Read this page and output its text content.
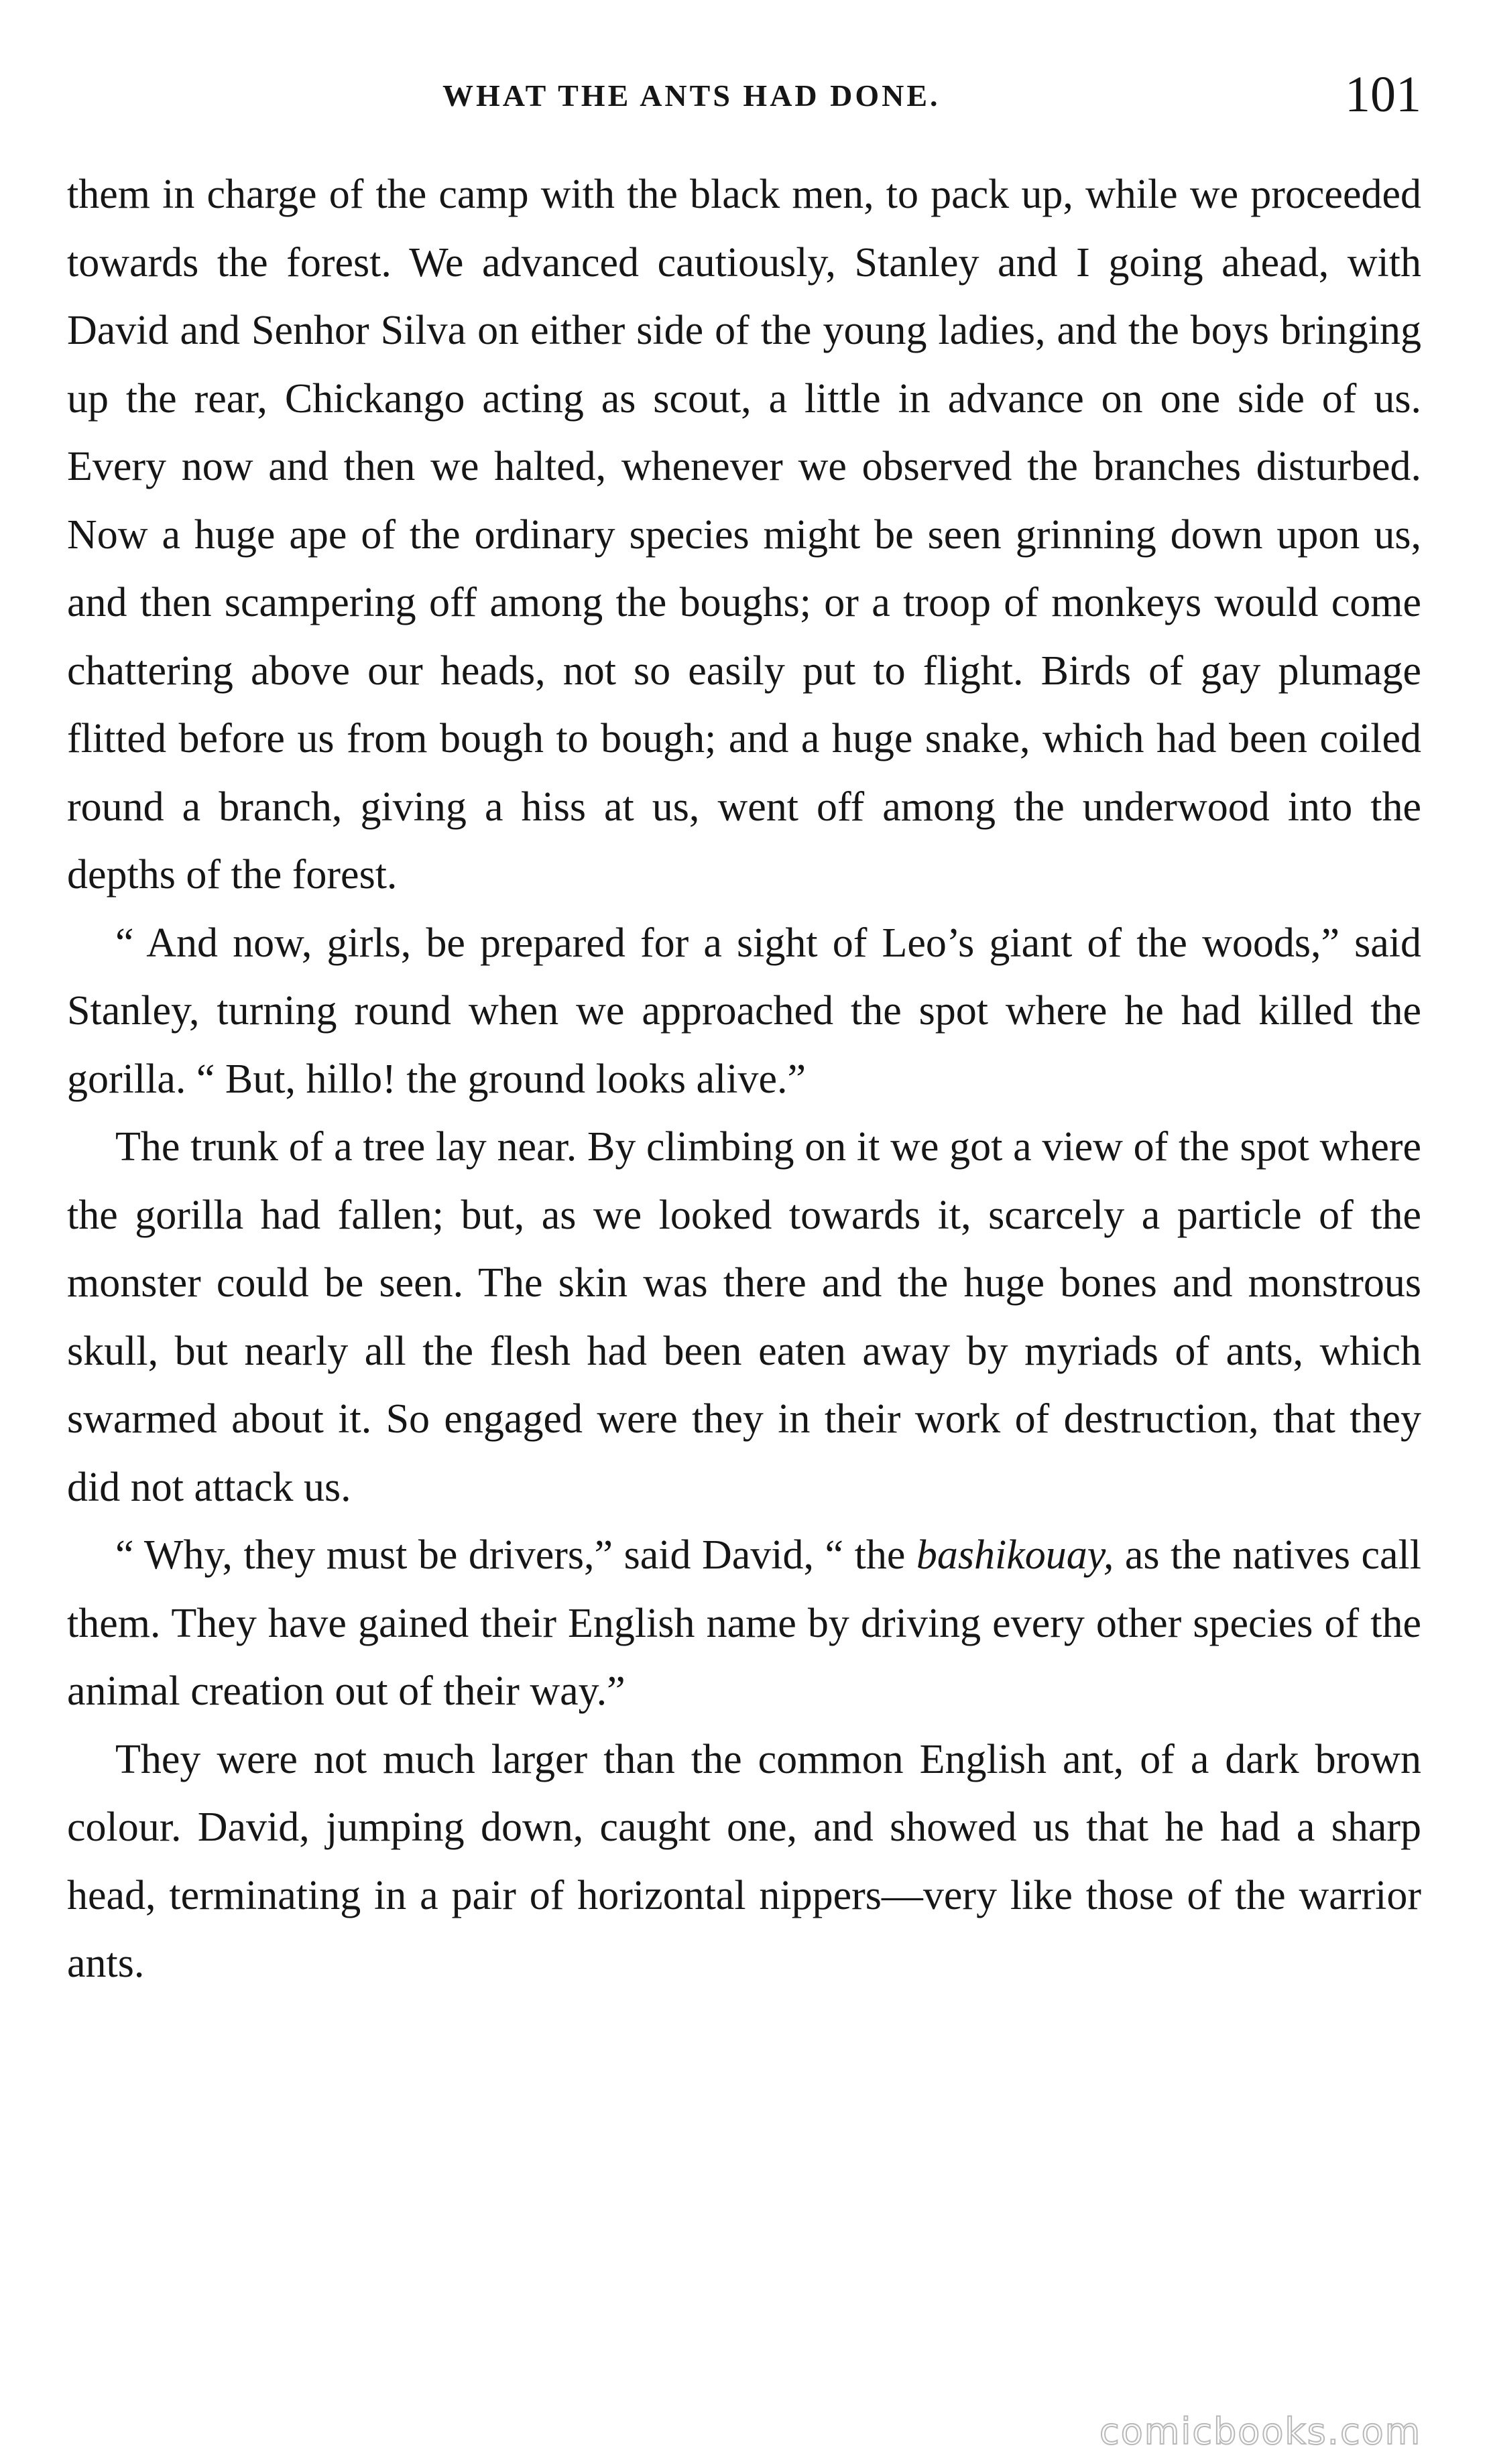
WHAT THE ANTS HAD DONE.	101

them in charge of the camp with the black men, to pack up, while we proceeded towards the forest. We advanced cautiously, Stanley and I going ahead, with David and Senhor Silva on either side of the young ladies, and the boys bringing up the rear, Chickango acting as scout, a little in advance on one side of us. Every now and then we halted, whenever we observed the branches disturbed. Now a huge ape of the ordinary species might be seen grinning down upon us, and then scampering off among the boughs; or a troop of monkeys would come chattering above our heads, not so easily put to flight. Birds of gay plumage flitted before us from bough to bough; and a huge snake, which had been coiled round a branch, giving a hiss at us, went off among the underwood into the depths of the forest.

“ And now, girls, be prepared for a sight of Leo’s giant of the woods,” said Stanley, turning round when we approached the spot where he had killed the gorilla. “ But, hillo! the ground looks alive.”

The trunk of a tree lay near. By climbing on it we got a view of the spot where the gorilla had fallen; but, as we looked towards it, scarcely a particle of the monster could be seen. The skin was there and the huge bones and monstrous skull, but nearly all the flesh had been eaten away by myriads of ants, which swarmed about it. So engaged were they in their work of destruction, that they did not attack us.

“ Why, they must be drivers,” said David, “ the bashikouay, as the natives call them. They have gained their English name by driving every other species of the animal creation out of their way.”

They were not much larger than the common English ant, of a dark brown colour. David, jumping down, caught one, and showed us that he had a sharp head, terminating in a pair of horizontal nippers—very like those of the warrior ants.

comicbooks.com
